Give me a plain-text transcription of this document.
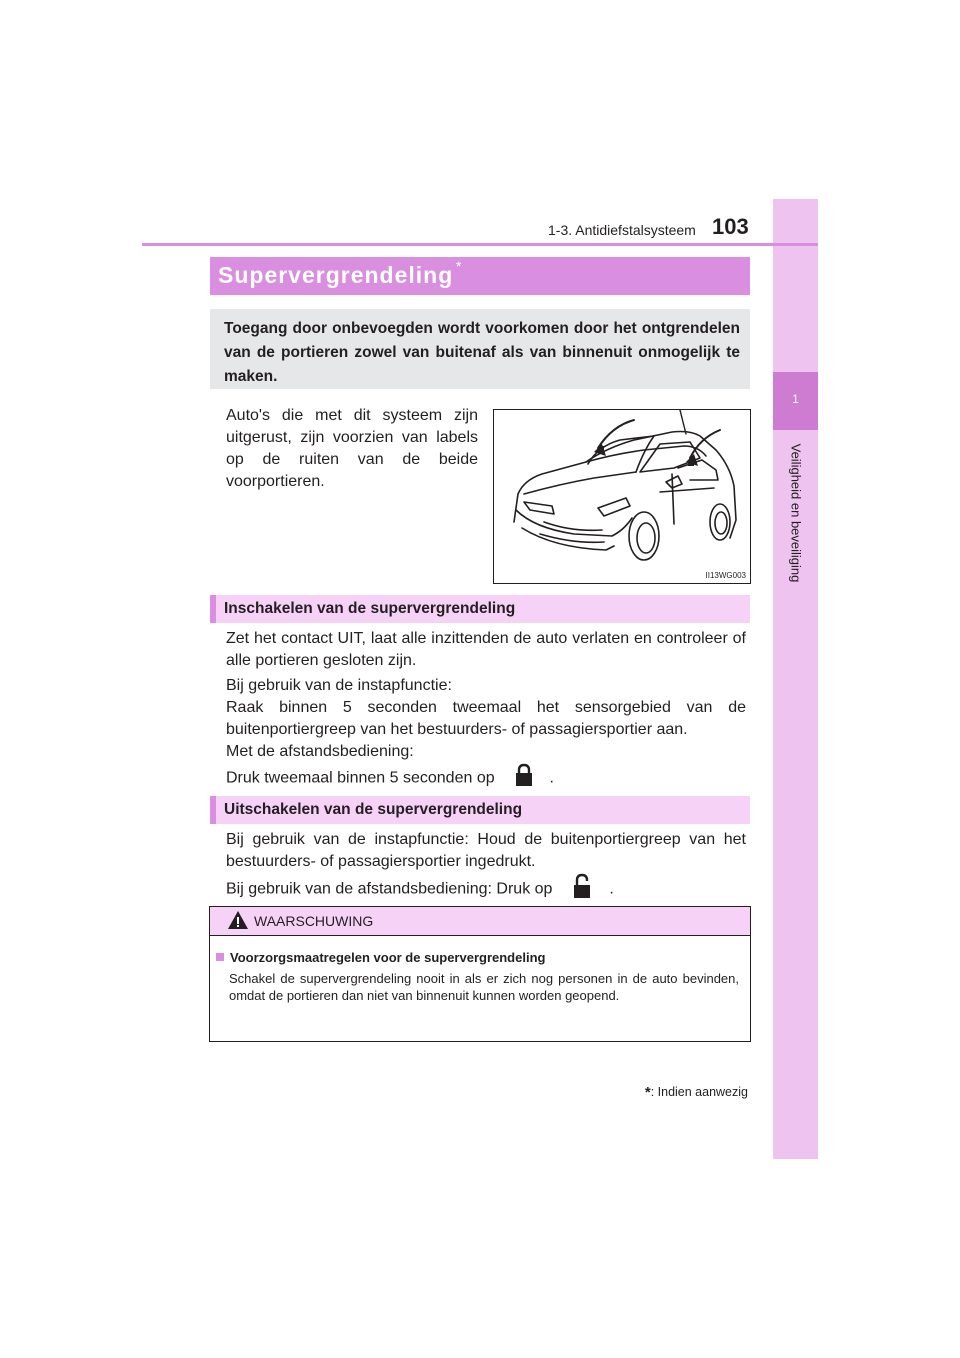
1
Veiligheid en beveiliging
1-3. Antidiefstalsysteem 103
Supervergrendeling *
Toegang door onbevoegden wordt voorkomen door het ontgrendelen van de portieren zowel van buitenaf als van binnenuit onmogelijk te maken.
Auto's die met dit systeem zijn uitgerust, zijn voorzien van labels op de ruiten van de beide voorportieren.
II13WG003
Inschakelen van de supervergrendeling
Zet het contact UIT, laat alle inzittenden de auto verlaten en controleer of alle portieren gesloten zijn.
Bij gebruik van de instapfunctie:
Raak binnen 5 seconden tweemaal het sensorgebied van de buitenportiergreep van het bestuurders- of passagiersportier aan.
Met de afstandsbediening:
Druk tweemaal binnen 5 seconden op	.
Uitschakelen van de supervergrendeling
Bij gebruik van de instapfunctie: Houd de buitenportiergreep van het bestuurders- of passagiersportier ingedrukt.
Bij gebruik van de afstandsbediening: Druk op	.
WAARSCHUWING
Voorzorgsmaatregelen voor de supervergrendeling
Schakel de supervergrendeling nooit in als er zich nog personen in de auto bevinden, omdat de portieren dan niet van binnenuit kunnen worden geopend.
*: Indien aanwezig
